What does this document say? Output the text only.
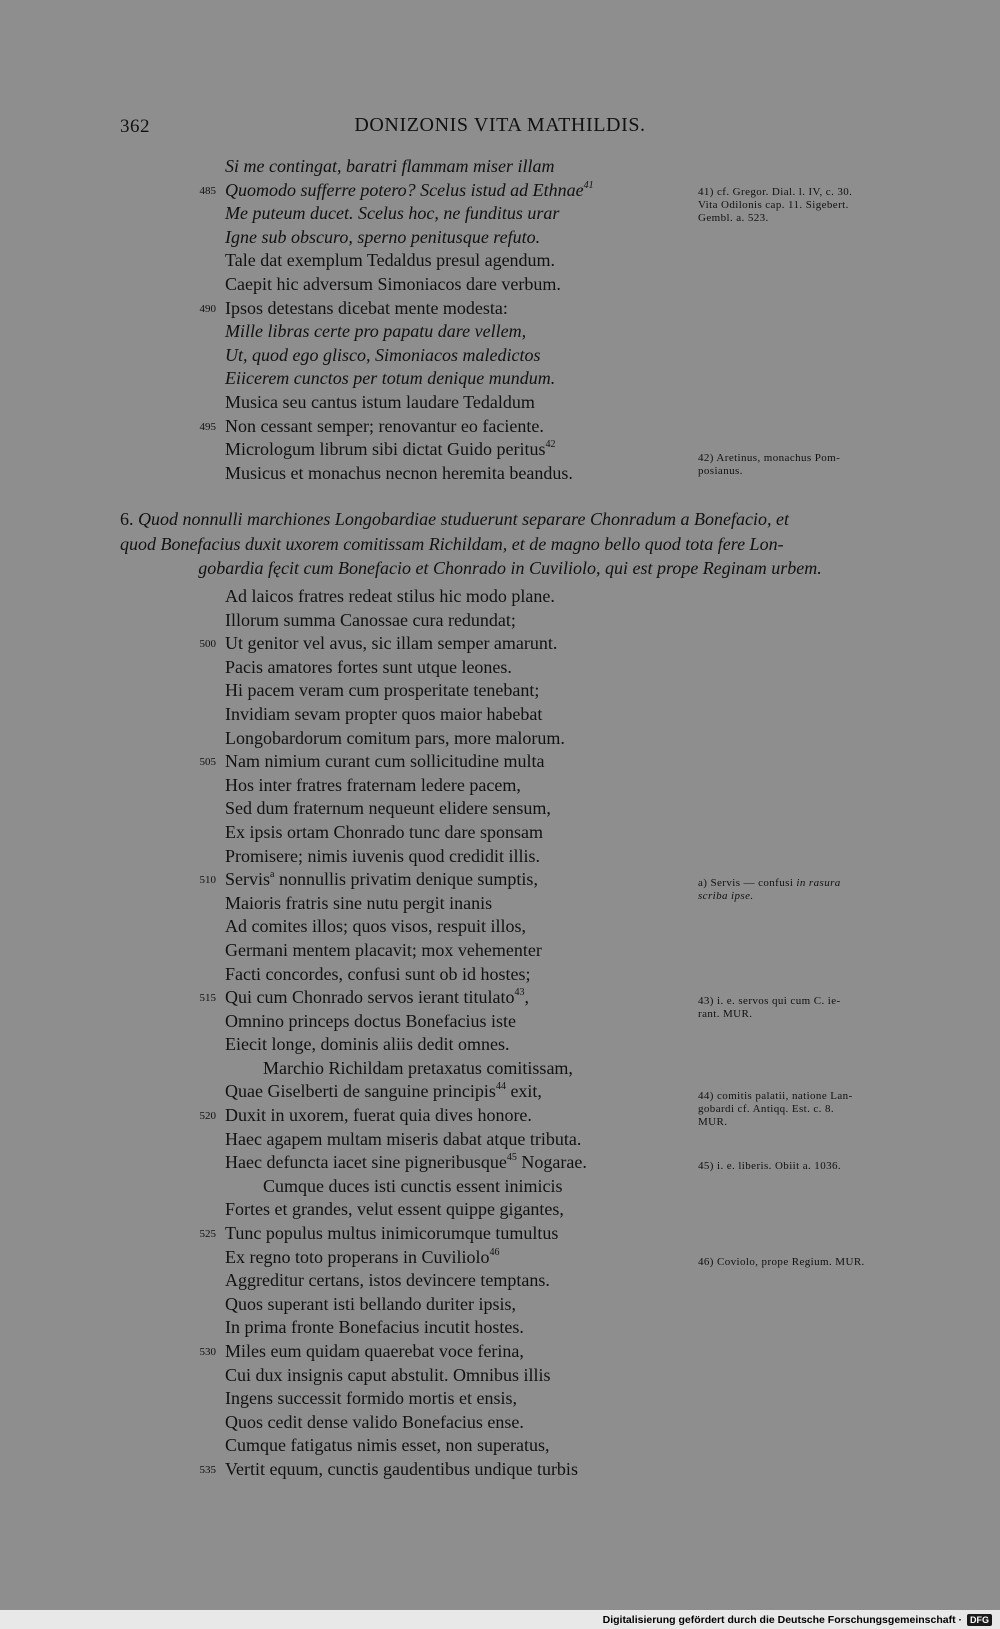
362	DONIZONIS VITA MATHILDIS.
Si me contingat, baratri flammam miser illam
485 Quomodo sufferre potero? Scelus istud ad Ethnae$^{41}$
Me puteum ducet. Scelus hoc, ne funditus urar
Igne sub obscuro, sperno penitusque refuto.
Tale dat exemplum Tedaldus presul agendum.
Caepit hic adversum Simoniacos dare verbum.
490 Ipsos detestans dicebat mente modesta:
Mille libras certe pro papatu dare vellem,
Ut, quod ego glisco, Simoniacos maledictos
Eiicerem cunctos per totum denique mundum.
Musica seu cantus istum laudare Tedaldum
495 Non cessant semper; renovantur eo faciente.
Micrologum librum sibi dictat Guido peritus$^{42}$
Musicus et monachus necnon heremita beandus.
6. Quod nonnulli marchiones Longobardiae studuerunt separare Chonradum a Bonefacio, et
quod Bonefacius duxit uxorem comitissam Richildam, et de magno bello quod tota fere Lon-
gobardia fęcit cum Bonefacio et Chonrado in Cuviliolo, qui est prope Reginam urbem.
Ad laicos fratres redeat stilus hic modo plane.
Illorum summa Canossae cura redundat;
500 Ut genitor vel avus, sic illam semper amarunt.
Pacis amatores fortes sunt utque leones.
Hi pacem veram cum prosperitate tenebant;
Invidiam sevam propter quos maior habebat
Longobardorum comitum pars, more malorum.
505 Nam nimium curant cum sollicitudine multa
Hos inter fratres fraternam ledere pacem,
Sed dum fraternum nequeunt elidere sensum,
Ex ipsis ortam Chonrado tunc dare sponsam
Promisere; nimis iuvenis quod credidit illis.
510 Servis$^a$ nonnullis privatim denique sumptis,
Maioris fratris sine nutu pergit inanis
Ad comites illos; quos visos, respuit illos,
Germani mentem placavit; mox vehementer
Facti concordes, confusi sunt ob id hostes;
515 Qui cum Chonrado servos ierant titulato$^{43}$,
Omnino princeps doctus Bonefacius iste
Eiecit longe, dominis aliis dedit omnes.
Marchio Richildam pretaxatus comitissam,
Quae Giselberti de sanguine principis$^{44}$ exit,
520 Duxit in uxorem, fuerat quia dives honore.
Haec agapem multam miseris dabat atque tributa.
Haec defuncta iacet sine pigneribusque$^{45}$ Nogarae.
Cumque duces isti cunctis essent inimicis
Fortes et grandes, velut essent quippe gigantes,
525 Tunc populus multus inimicorumque tumultus
Ex regno toto properans in Cuviliolo$^{46}$
Aggreditur certans, istos devincere temptans.
Quos superant isti bellando duriter ipsis,
In prima fronte Bonefacius incutit hostes.
530 Miles eum quidam quaerebat voce ferina,
Cui dux insignis caput abstulit. Omnibus illis
Ingens successit formido mortis et ensis,
Quos cedit dense valido Bonefacius ense.
Cumque fatigatus nimis esset, non superatus,
535 Vertit equum, cunctis gaudentibus undique turbis
41) cf. Gregor. Dial. l. IV, c. 30.
Vita Odilonis cap. 11. Sigebert.
Gembl. a. 523.
42) Aretinus, monachus Pom-
posianus.
a) Servis — confusi in rasura
scriba ipse.
43) i. e. servos qui cum C. ie-
rant. MUR.
44) comitis palatii, natione Lan-
gobardi cf. Antiqq. Est. c. 8.
MUR.
45) i. e. liberis. Obiit a. 1036.
46) Coviolo, prope Regium. MUR.
Digitalisierung gefördert durch die Deutsche Forschungsgemeinschaft · DFG
